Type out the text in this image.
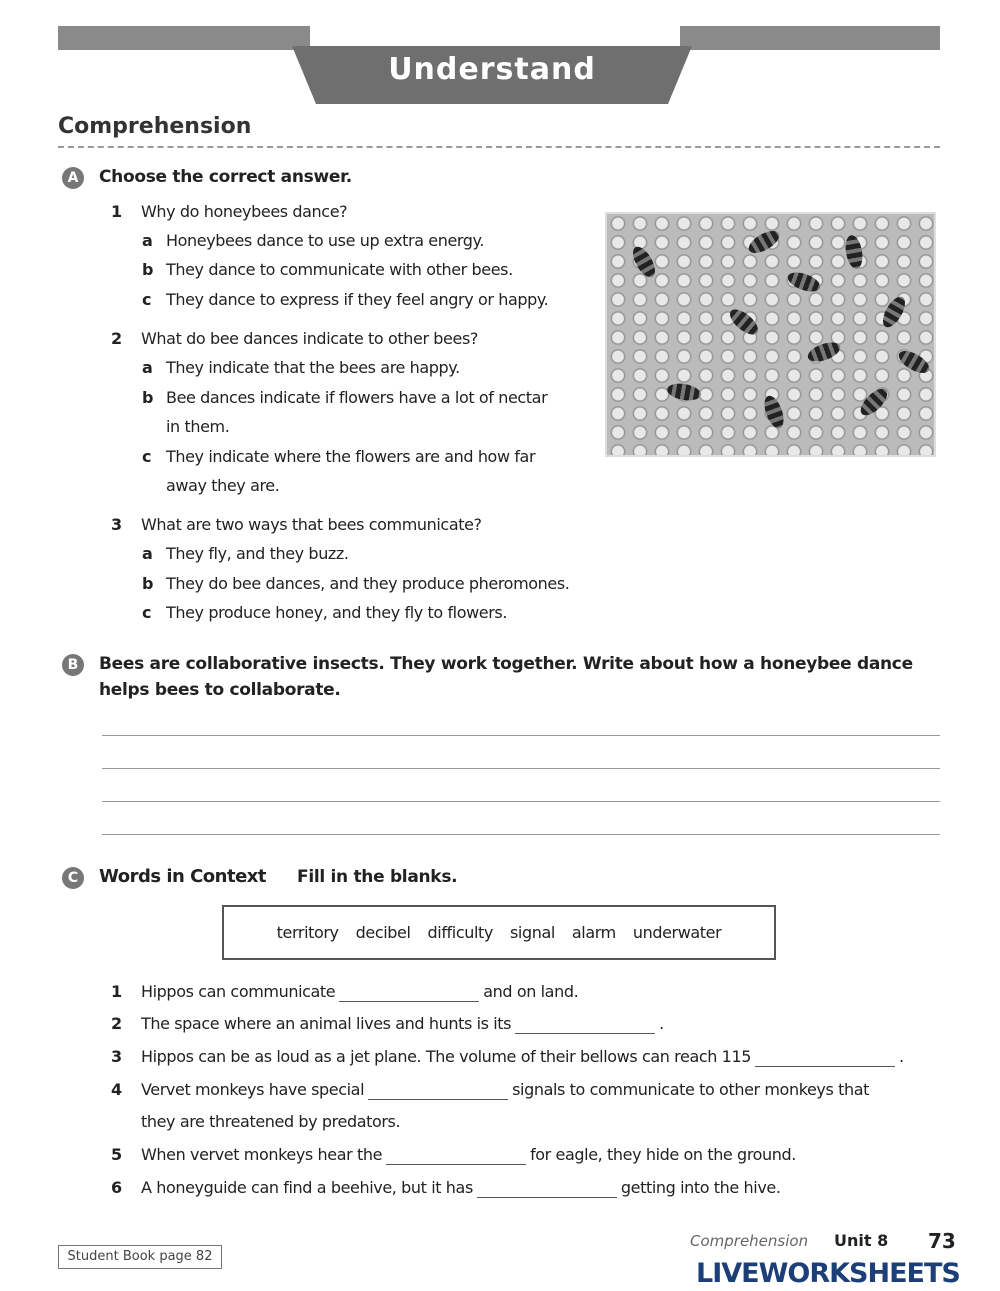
Understand
Comprehension
A	Choose the correct answer.
1 Why do honeybees dance?
a Honeybees dance to use up extra energy.
b They dance to communicate with other bees.
c They dance to express if they feel angry or happy.
2 What do bee dances indicate to other bees?
a They indicate that the bees are happy.
b Bee dances indicate if flowers have a lot of nectar
in them.
c They indicate where the flowers are and how far
away they are.
3 What are two ways that bees communicate?
a They fly, and they buzz.
b They do bee dances, and they produce pheromones.
c They produce honey, and they fly to flowers.
B	Bees are collaborative insects. They work together. Write about how a honeybee dance
helps bees to collaborate.
C	Words in Context Fill in the blanks.
territory decibel difficulty signal alarm underwater
1 Hippos can communicate	and on land.
2 The space where an animal lives and hunts is its	.
3 Hippos can be as loud as a jet plane. The volume of their bellows can reach 115	.
4 Vervet monkeys have special	signals to communicate to other monkeys that
they are threatened by predators.
5 When vervet monkeys hear the	for eagle, they hide on the ground.
6 A honeyguide can find a beehive, but it has	getting into the hive.
Student Book page 82
Comprehension Unit 8 73
LIVEWORKSHEETS
